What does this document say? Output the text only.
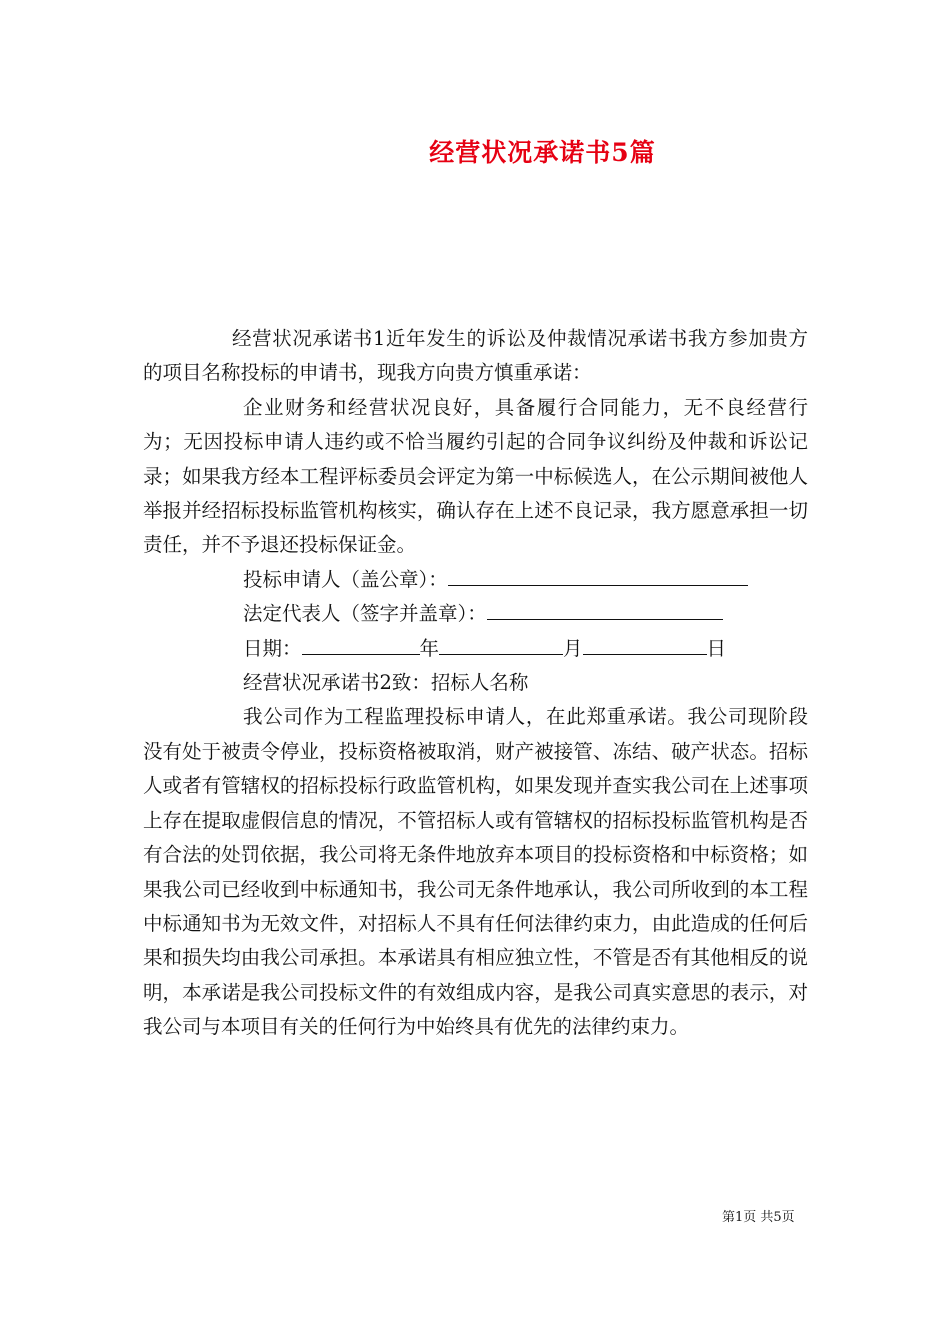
经营状况承诺书5篇

经营状况承诺书1近年发生的诉讼及仲裁情况承诺书我方参加贵方的项目名称投标的申请书，现我方向贵方慎重承诺：

企业财务和经营状况良好，具备履行合同能力，无不良经营行为；无因投标申请人违约或不恰当履约引起的合同争议纠纷及仲裁和诉讼记录；如果我方经本工程评标委员会评定为第一中标候选人，在公示期间被他人举报并经招标投标监管机构核实，确认存在上述不良记录，我方愿意承担一切责任，并不予退还投标保证金。

投标申请人（盖公章）：

法定代表人（签字并盖章）：

日期：	年	月	日

经营状况承诺书2致：招标人名称

我公司作为工程监理投标申请人，在此郑重承诺。我公司现阶段没有处于被责令停业，投标资格被取消，财产被接管、冻结、破产状态。招标人或者有管辖权的招标投标行政监管机构，如果发现并查实我公司在上述事项上存在提取虚假信息的情况，不管招标人或有管辖权的招标投标监管机构是否有合法的处罚依据，我公司将无条件地放弃本项目的投标资格和中标资格；如果我公司已经收到中标通知书，我公司无条件地承认，我公司所收到的本工程中标通知书为无效文件，对招标人不具有任何法律约束力，由此造成的任何后果和损失均由我公司承担。本承诺具有相应独立性，不管是否有其他相反的说明，本承诺是我公司投标文件的有效组成内容，是我公司真实意思的表示，对我公司与本项目有关的任何行为中始终具有优先的法律约束力。

第1页 共5页
